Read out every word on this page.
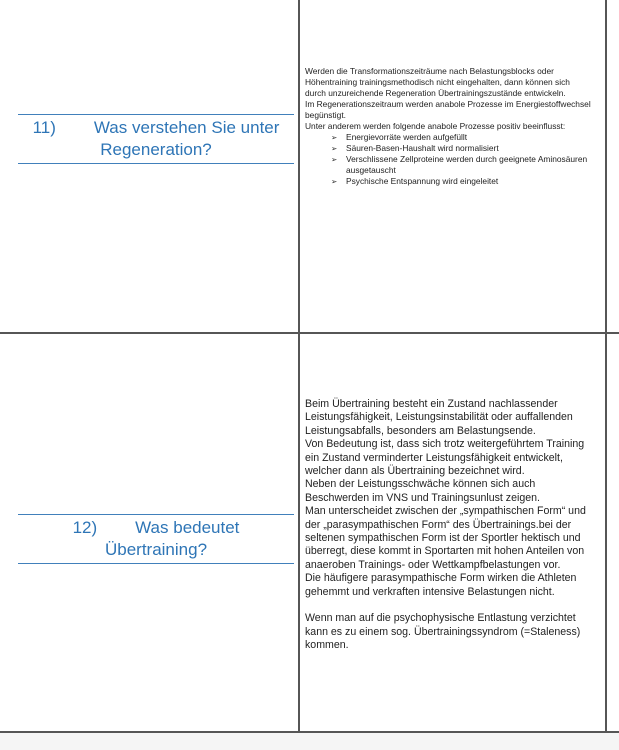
11) Was verstehen Sie unter
Regeneration?
Werden die Transformationszeiträume nach Belastungsblocks oder
Höhentraining trainingsmethodisch nicht eingehalten, dann können sich
durch unzureichende Regeneration Übertrainingszustände entwickeln.
Im Regenerationszeitraum werden anabole Prozesse im Energiestoffwechsel
begünstigt.
Unter anderem werden folgende anabole Prozesse positiv beeinflusst:
➢	Energievorräte werden aufgefüllt
➢	Säuren-Basen-Haushalt wird normalisiert
➢	Verschlissene Zellproteine werden durch geeignete Aminosäuren ausgetauscht
➢	Psychische Entspannung wird eingeleitet
12) Was bedeutet
Übertraining?
Beim Übertraining besteht ein Zustand nachlassender
Leistungsfähigkeit, Leistungsinstabilität oder auffallenden
Leistungsabfalls, besonders am Belastungsende.
Von Bedeutung ist, dass sich trotz weitergeführtem Training
ein Zustand verminderter Leistungsfähigkeit entwickelt,
welcher dann als Übertraining bezeichnet wird.
Neben der Leistungsschwäche können sich auch
Beschwerden im VNS und Trainingsunlust zeigen.
Man unterscheidet zwischen der „sympathischen Form“ und
der „parasympathischen Form“ des Übertrainings.bei der
seltenen sympathischen Form ist der Sportler hektisch und
überregt, diese kommt in Sportarten mit hohen Anteilen von
anaeroben Trainings- oder Wettkampfbelastungen vor.
Die häufigere parasympathische Form wirken die Athleten
gehemmt und verkraften intensive Belastungen nicht.
Wenn man auf die psychophysische Entlastung verzichtet
kann es zu einem sog. Übertrainingssyndrom (=Staleness)
kommen.
